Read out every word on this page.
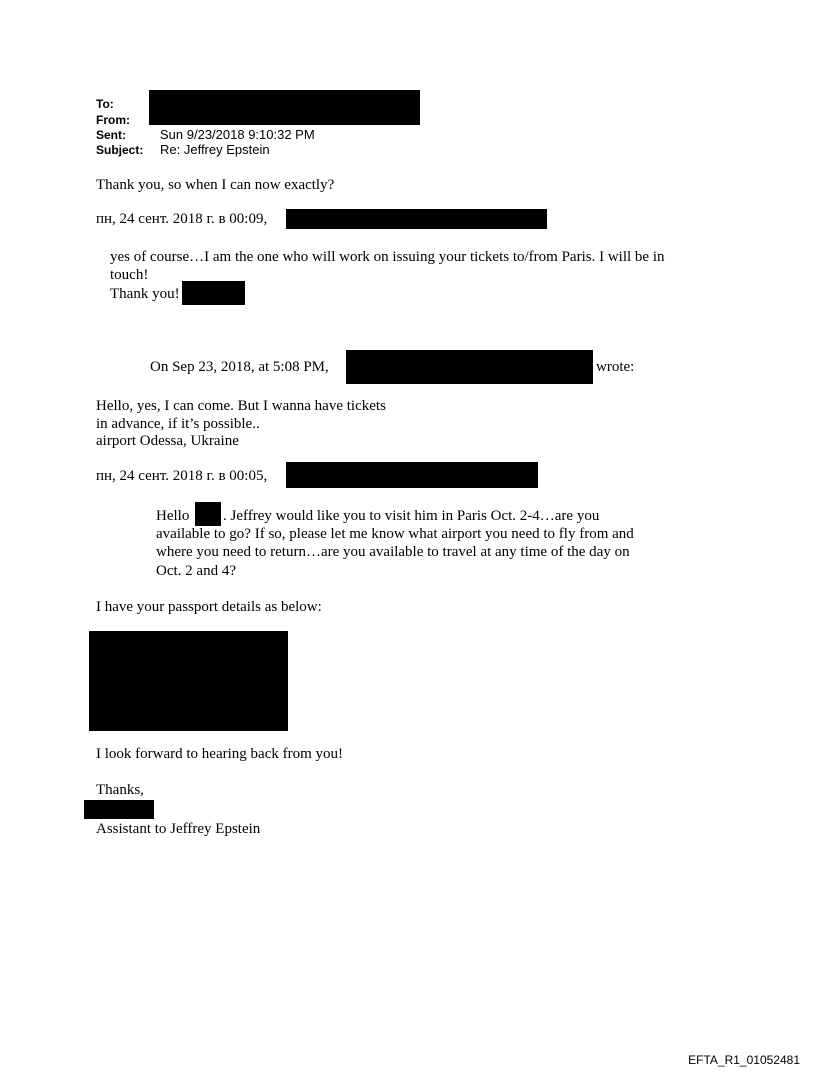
To:
From:
Sent:	Sun 9/23/2018 9:10:32 PM
Subject: Re: Jeffrey Epstein
Thank you, so when I can now exactly?
пн, 24 сент. 2018 г. в 00:09,
yes of course…I am the one who will work on issuing your tickets to/from Paris. I will be in
touch!
Thank you!
On Sep 23, 2018, at 5:08 PM,	wrote:
Hello, yes, I can come. But I wanna have tickets
in advance, if it’s possible..
airport Odessa, Ukraine
пн, 24 сент. 2018 г. в 00:05,
Hello . Jeffrey would like you to visit him in Paris Oct. 2-4…are you
available to go? If so, please let me know what airport you need to fly from and
where you need to return…are you available to travel at any time of the day on
Oct. 2 and 4?
I have your passport details as below:
I look forward to hearing back from you!
Thanks,
Assistant to Jeffrey Epstein
EFTA_R1_01052481
